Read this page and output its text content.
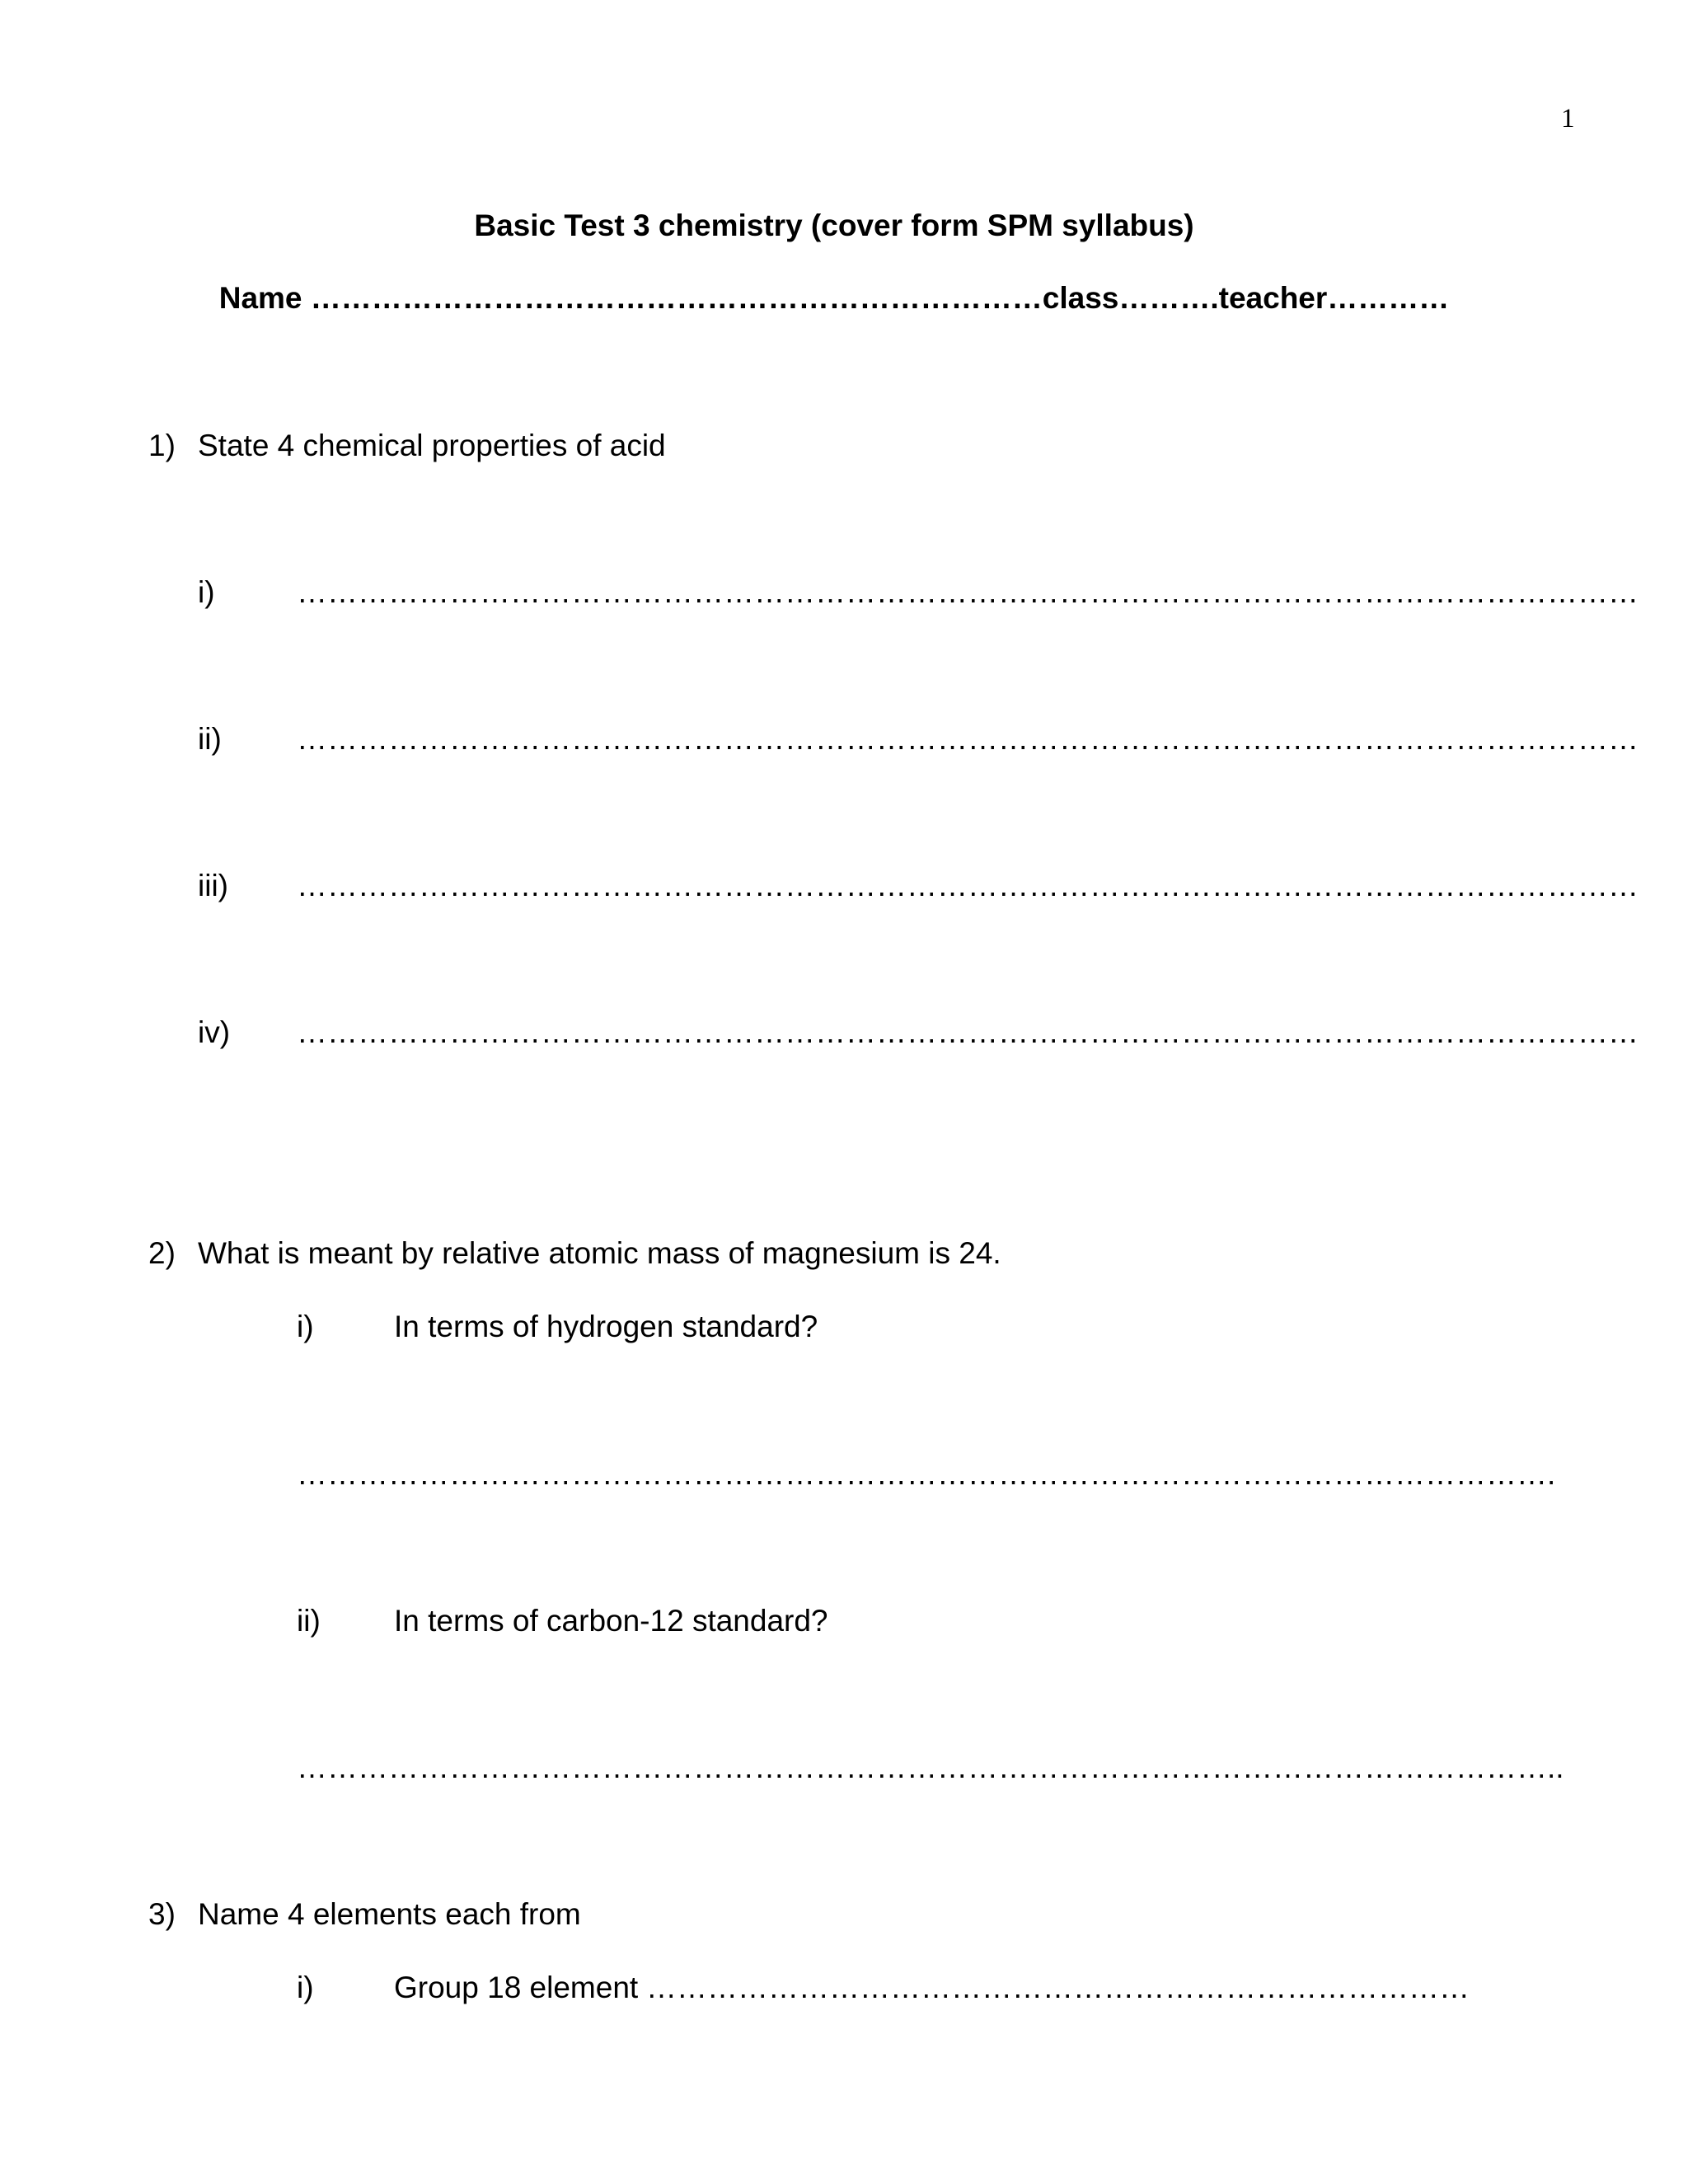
1
Basic Test 3 chemistry (cover form SPM syllabus)
Name ………………………………………………………………class……….teacher…………
1) State 4 chemical properties of acid
i)	……………………………………………………………………………………………………………………
ii) ……………………………………………………………………………………………………………………
iii) ……………………………………………………………………………………………………………………
iv) ……………………………………………………………………………………………………………………
2) What is meant by relative atomic mass of magnesium is 24.
i)	In terms of hydrogen standard?
…………………………………………………………………………………………………………….
ii) In terms of carbon-12 standard?
……………………………………………………………………………………………………………..
3) Name 4 elements each from
i)	Group 18 element ………………………………………………………………………
